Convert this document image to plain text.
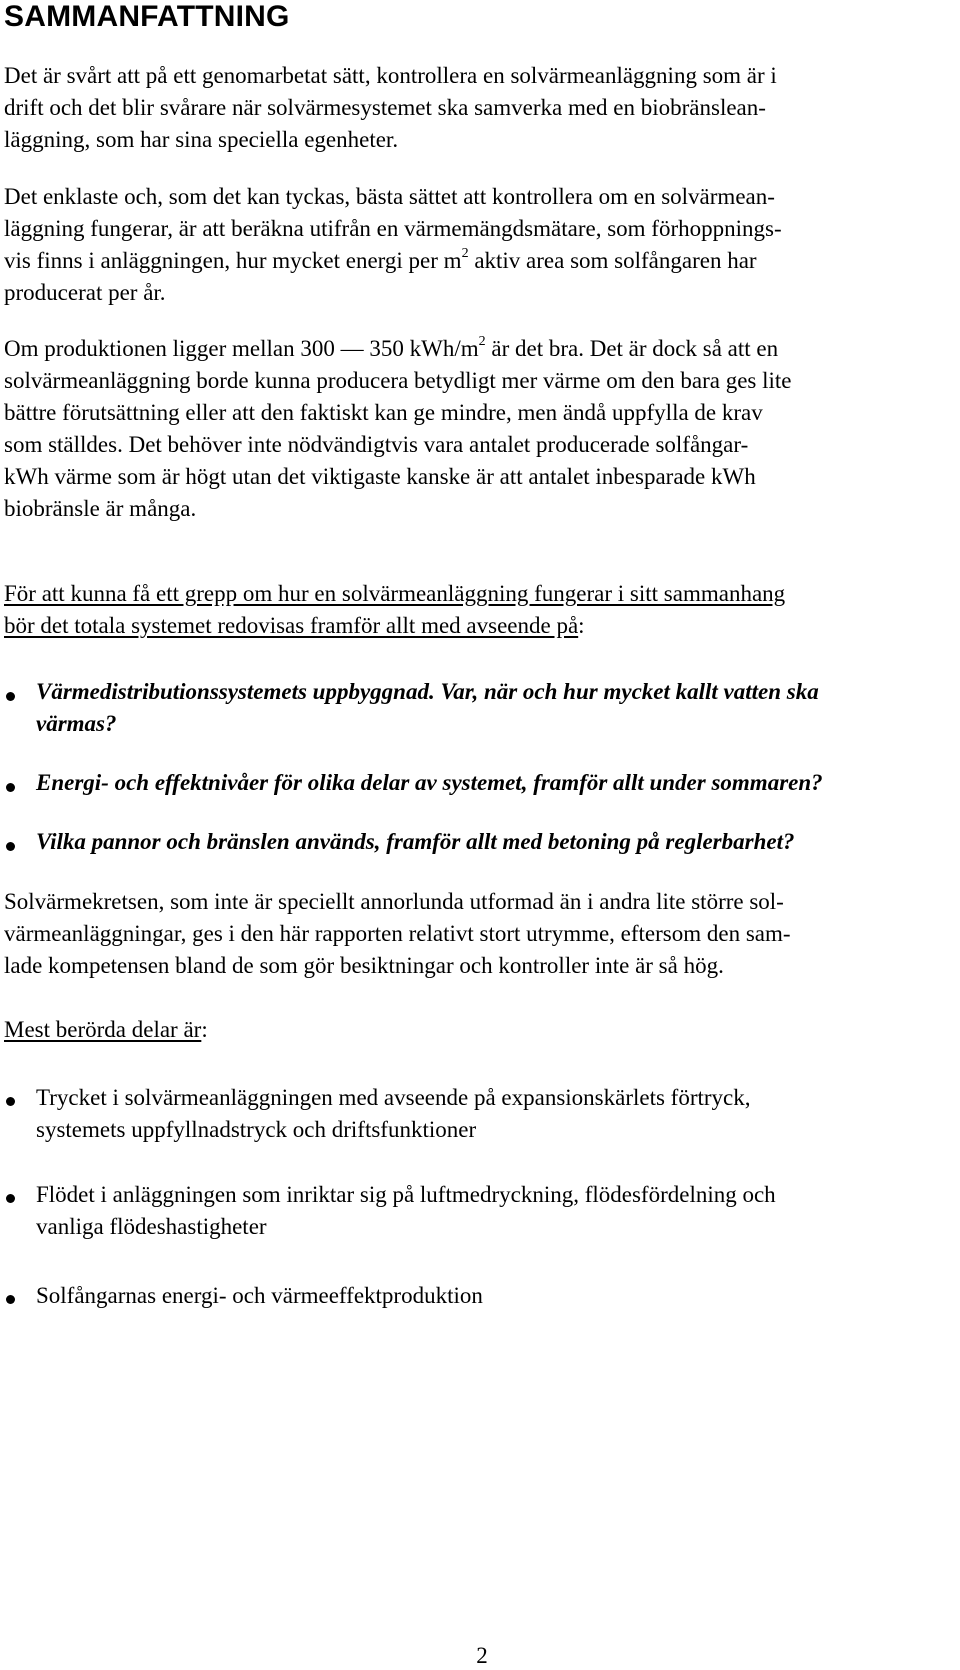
SAMMANFATTNING

Det är svårt att på ett genomarbetat sätt, kontrollera en solvärmeanläggning som är i
drift och det blir svårare när solvärmesystemet ska samverka med en biobränslean-
läggning, som har sina speciella egenheter.

Det enklaste och, som det kan tyckas, bästa sättet att kontrollera om en solvärmean-
läggning fungerar, är att beräkna utifrån en värmemängdsmätare, som förhoppnings-
vis finns i anläggningen, hur mycket energi per $m^2$ aktiv area som solfångaren har
producerat per år.

Om produktionen ligger mellan 300 — 350 kWh/$m^2$ är det bra. Det är dock så att en
solvärmeanläggning borde kunna producera betydligt mer värme om den bara ges lite
bättre förutsättning eller att den faktiskt kan ge mindre, men ändå uppfylla de krav
som ställdes. Det behöver inte nödvändigtvis vara antalet producerade solfångar-
kWh värme som är högt utan det viktigaste kanske är att antalet inbesparade kWh
biobränsle är många.

För att kunna få ett grepp om hur en solvärmeanläggning fungerar i sitt sammanhang
bör det totala systemet redovisas framför allt med avseende på:

Värmedistributionssystemets uppbyggnad. Var, när och hur mycket kallt vatten ska
värmas?
Energi- och effektnivåer för olika delar av systemet, framför allt under sommaren?
Vilka pannor och bränslen används, framför allt med betoning på reglerbarhet?

Solvärmekretsen, som inte är speciellt annorlunda utformad än i andra lite större sol-
värmeanläggningar, ges i den här rapporten relativt stort utrymme, eftersom den sam-
lade kompetensen bland de som gör besiktningar och kontroller inte är så hög.

Mest berörda delar är:

Trycket i solvärmeanläggningen med avseende på expansionskärlets förtryck,
systemets uppfyllnadstryck och driftsfunktioner
Flödet i anläggningen som inriktar sig på luftmedryckning, flödesfördelning och
vanliga flödeshastigheter
Solfångarnas energi- och värmeeffektproduktion

2
